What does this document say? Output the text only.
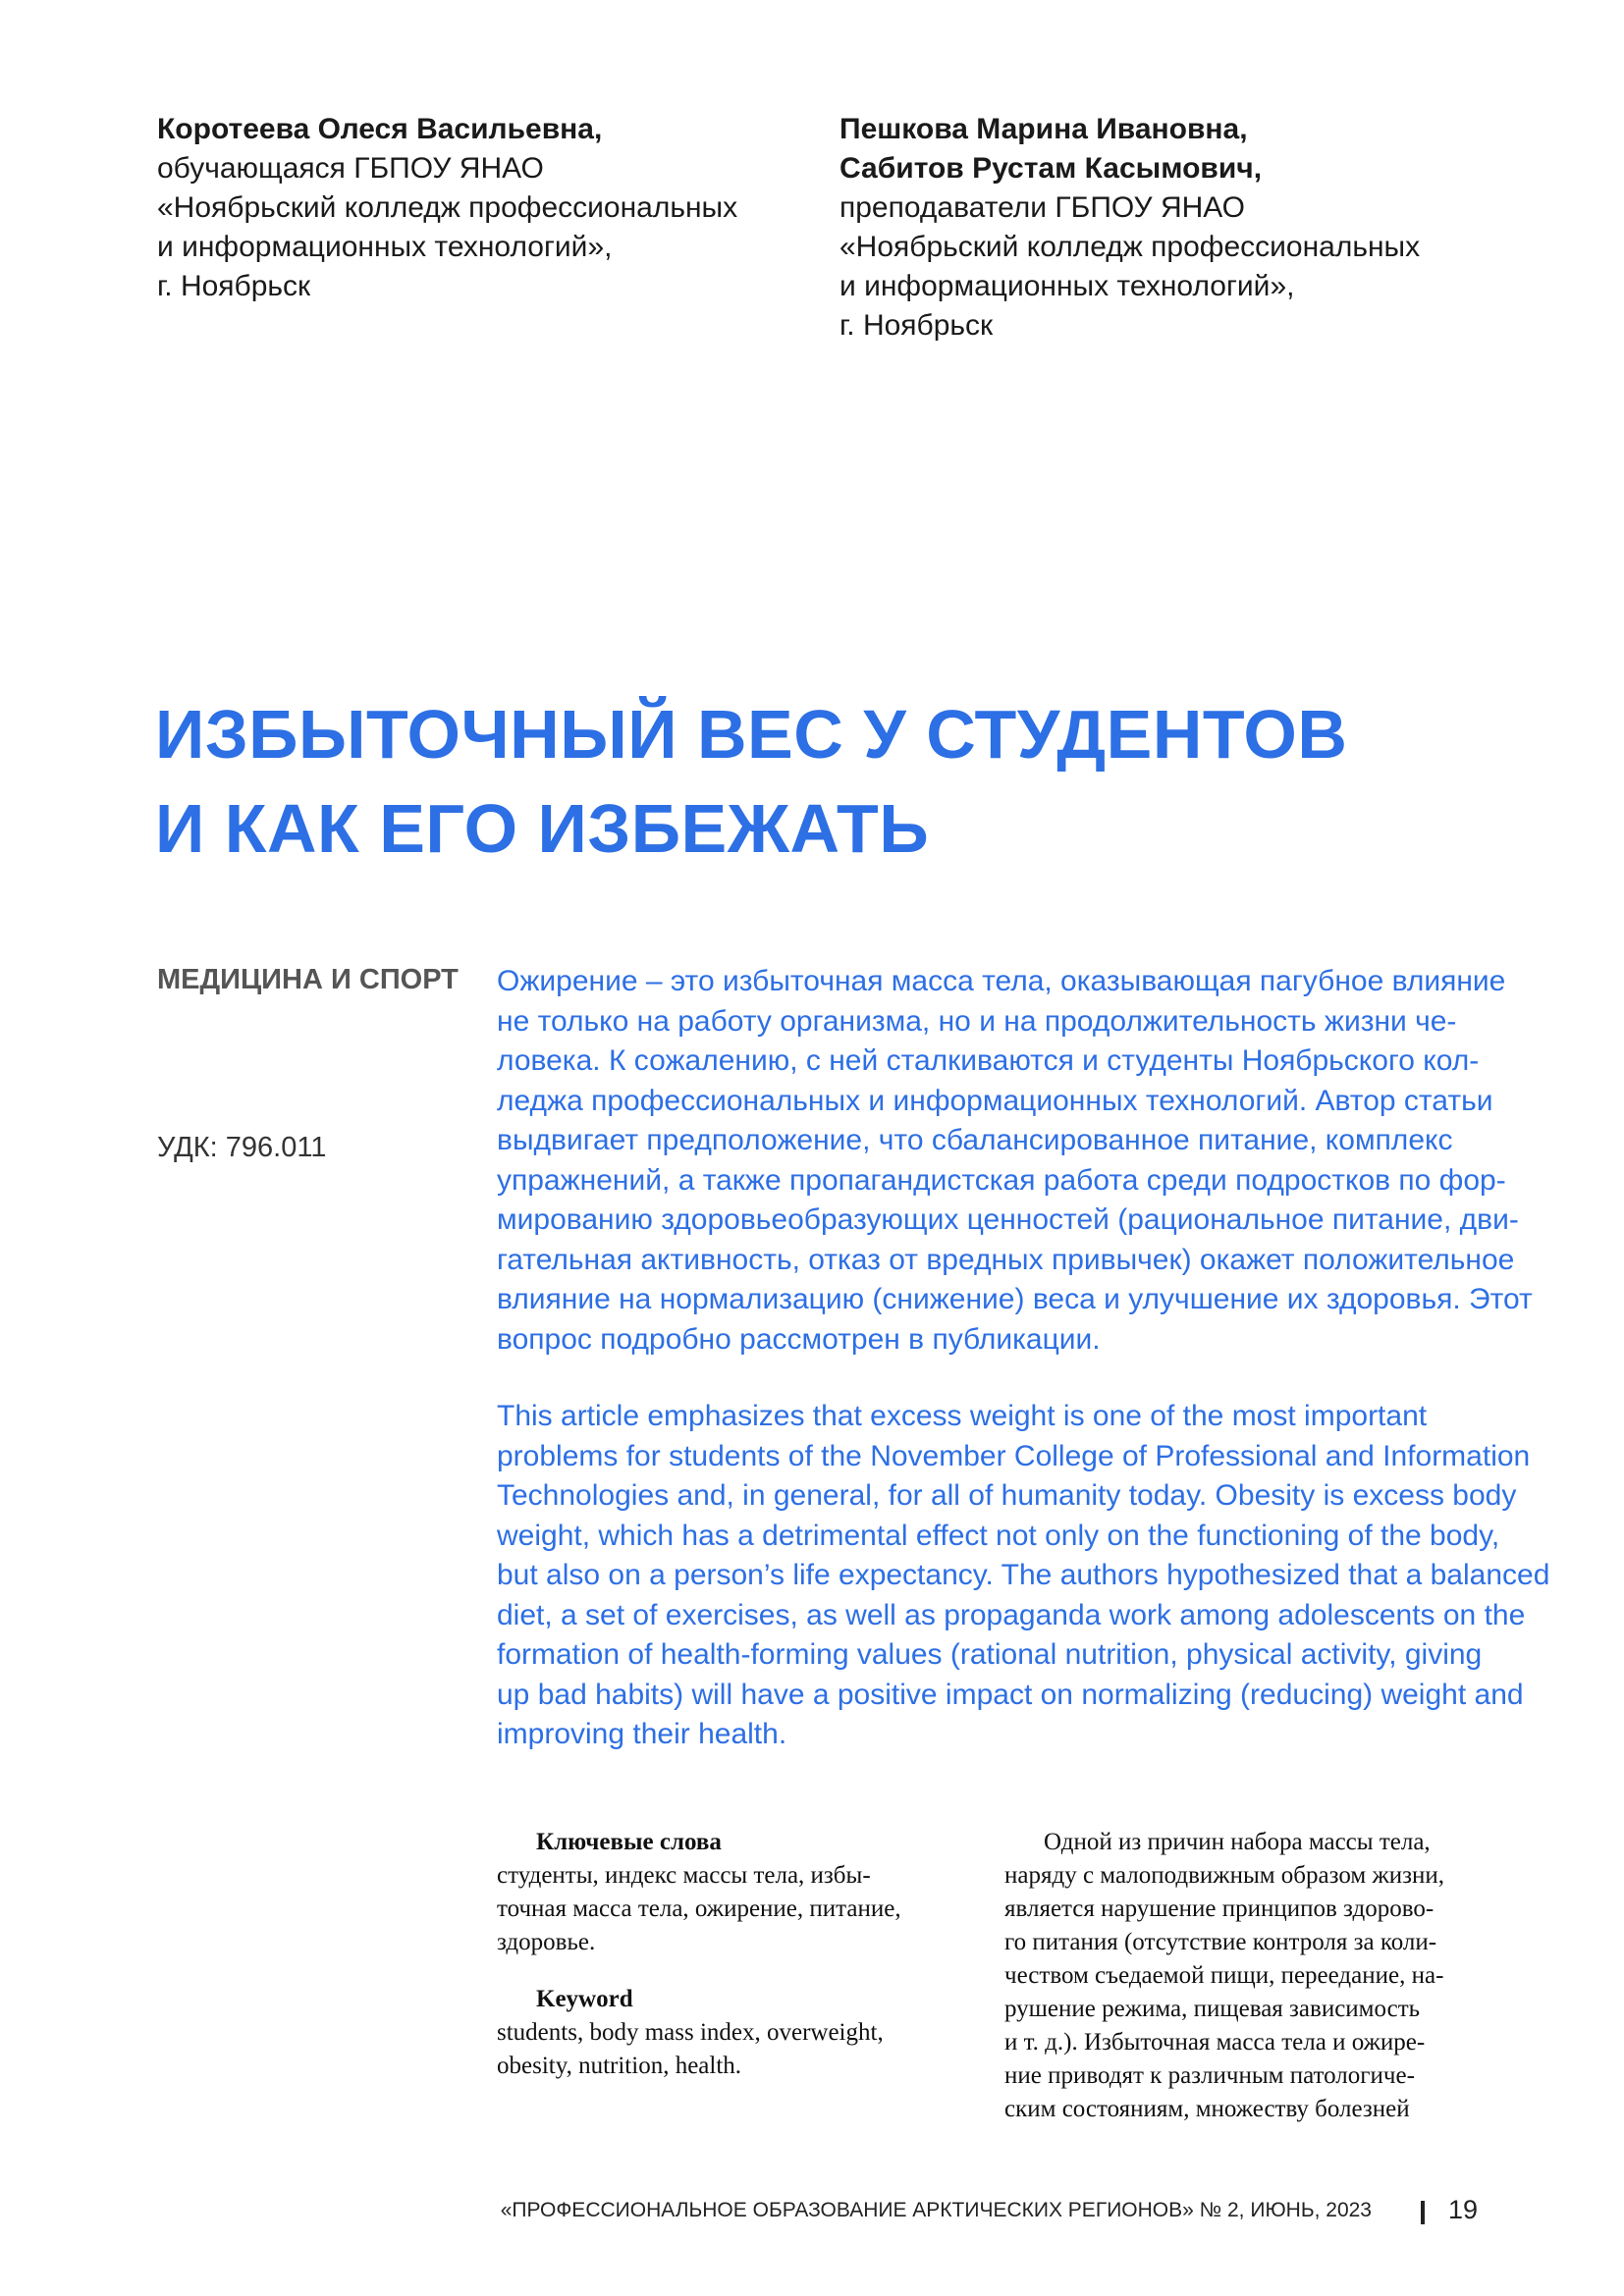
Коротеева Олеся Васильевна,
обучающаяся ГБПОУ ЯНАО
«Ноябрьский колледж профессиональных
и информационных технологий»,
г. Ноябрьск
Пешкова Марина Ивановна,
Сабитов Рустам Касымович,
преподаватели ГБПОУ ЯНАО
«Ноябрьский колледж профессиональных
и информационных технологий»,
г. Ноябрьск
ИЗБЫТОЧНЫЙ ВЕС У СТУДЕНТОВ
И КАК ЕГО ИЗБЕЖАТЬ
МЕДИЦИНА И СПОРТ
УДК: 796.011
Ожирение – это избыточная масса тела, оказывающая пагубное влияние
не только на работу организма, но и на продолжительность жизни че-
ловека. К сожалению, с ней сталкиваются и студенты Ноябрьского кол-
леджа профессиональных и информационных технологий. Автор статьи
выдвигает предположение, что сбалансированное питание, комплекс
упражнений, а также пропагандистская работа среди подростков по фор-
мированию здоровьеобразующих ценностей (рациональное питание, дви-
гательная активность, отказ от вредных привычек) окажет положительное
влияние на нормализацию (снижение) веса и улучшение их здоровья. Этот
вопрос подробно рассмотрен в публикации.
This article emphasizes that excess weight is one of the most important
problems for students of the November College of Professional and Information
Technologies and, in general, for all of humanity today. Obesity is excess body
weight, which has a detrimental effect not only on the functioning of the body,
but also on a person’s life expectancy. The authors hypothesized that a balanced
diet, a set of exercises, as well as propaganda work among adolescents on the
formation of health-forming values (rational nutrition, physical activity, giving
up bad habits) will have a positive impact on normalizing (reducing) weight and
improving their health.
Ключевые слова
студенты, индекс массы тела, избы-
точная масса тела, ожирение, питание,
здоровье.
Keyword
students, body mass index, overweight,
obesity, nutrition, health.
Одной из причин набора массы тела,
наряду с малоподвижным образом жизни,
является нарушение принципов здорово-
го питания (отсутствие контроля за коли-
чеством съедаемой пищи, переедание, на-
рушение режима, пищевая зависимость
и т. д.). Избыточная масса тела и ожире-
ние приводят к различным патологиче-
ским состояниям, множеству болезней
«ПРОФЕССИОНАЛЬНОЕ ОБРАЗОВАНИЕ АРКТИЧЕСКИХ РЕГИОНОВ» № 2, ИЮНЬ, 2023	19
